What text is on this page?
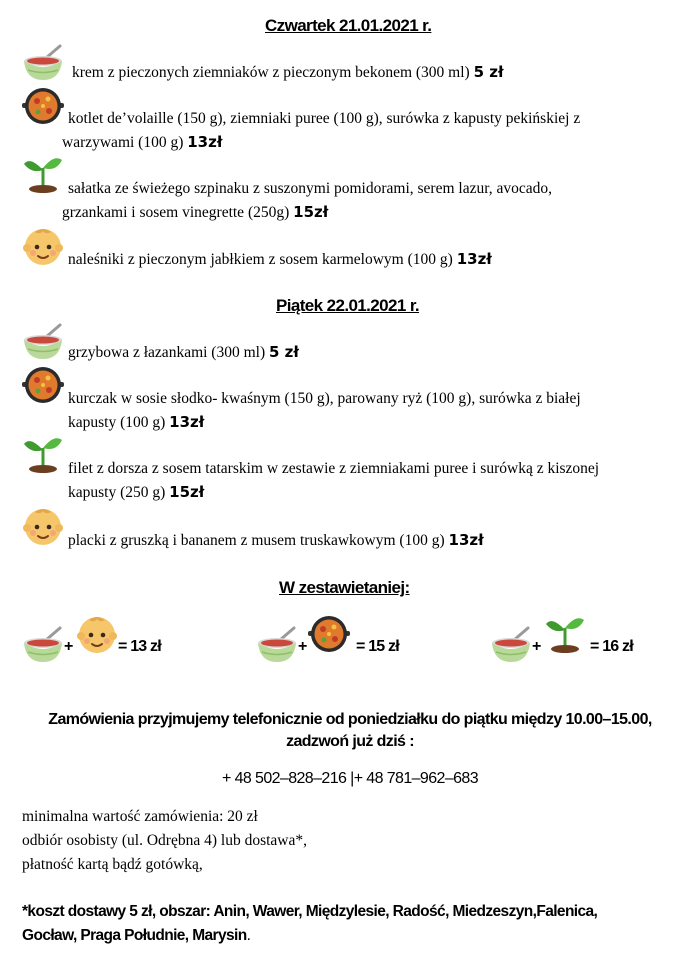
Czwartek 21.01.2021 r.
krem z pieczonych ziemniaków z pieczonym bekonem (300 ml) 5 zł
kotlet de’volaille (150 g), ziemniaki puree (100 g), surówka z kapusty pekińskiej z
warzywami (100 g) 13zł
sałatka ze świeżego szpinaku z suszonymi pomidorami, serem lazur, avocado,
grzankami i sosem vinegrette (250g) 15zł
naleśniki z pieczonym jabłkiem z sosem karmelowym (100 g) 13zł
Piątek 22.01.2021 r.
grzybowa z łazankami (300 ml) 5 zł
kurczak w sosie słodko- kwaśnym (150 g), parowany ryż (100 g), surówka z białej
kapusty (100 g) 13zł
filet z dorsza z sosem tatarskim w zestawie z ziemniakami puree i surówką z kiszonej
kapusty (250 g) 15zł
placki z gruszką i bananem z musem truskawkowym (100 g) 13zł
W zestawietaniej:
+	= 13 zł	+	= 15 zł	+	= 16 zł
Zamówienia przyjmujemy telefonicznie od poniedziałku do piątku między 10.00–15.00,
zadzwoń już dziś :
+ 48 502–828–216 |+ 48 781–962–683
minimalna wartość zamówienia: 20 zł
odbiór osobisty (ul. Odrębna 4) lub dostawa*,
płatność kartą bądź gotówką,
*koszt dostawy 5 zł, obszar: Anin, Wawer, Międzylesie, Radość, Miedzeszyn,Falenica,
Gocław, Praga Południe, Marysin.
